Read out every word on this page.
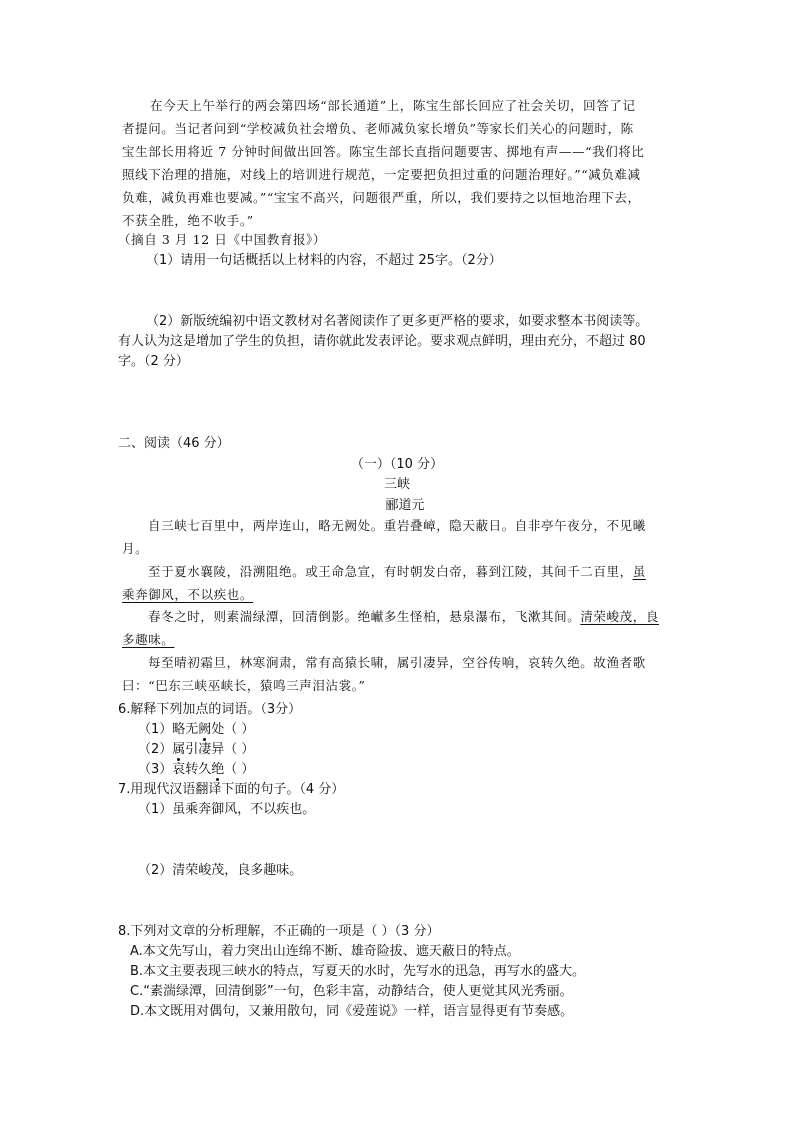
在今天上午举行的两会第四场“部长通道”上，陈宝生部长回应了社会关切，回答了记
者提问。当记者问到“学校减负社会增负、老师减负家长增负”等家长们关心的问题时，陈
宝生部长用将近 7 分钟时间做出回答。陈宝生部长直指问题要害、掷地有声——“我们将比
照线下治理的措施，对线上的培训进行规范，一定要把负担过重的问题治理好。”“减负难减
负难，减负再难也要减。”“宝宝不高兴，问题很严重，所以，我们要持之以恒地治理下去，
不获全胜，绝不收手。”
（摘自 3 月 12 日《中国教育报》）
（1）请用一句话概括以上材料的内容，不超过 25字。（2分）
（2）新版统编初中语文教材对名著阅读作了更多更严格的要求，如要求整本书阅读等。
有人认为这是增加了学生的负担，请你就此发表评论。要求观点鲜明，理由充分，不超过 80
字。（2 分）
二、阅读（46 分）
（一）（10 分）
三峡
郦道元
自三峡七百里中，两岸连山，略无阙处。重岩叠嶂，隐天蔽日。自非亭午夜分，不见曦
月。
至于夏水襄陵，沿溯阻绝。或王命急宣，有时朝发白帝，暮到江陵，其间千二百里，虽
乘奔御风，不以疾也。
春冬之时，则素湍绿潭，回清倒影。绝𪩘多生怪柏，悬泉瀑布，飞漱其间。清荣峻茂，良
多趣味。
每至晴初霜旦，林寒涧肃，常有高猿长啸，属引凄异，空谷传响，哀转久绝。故渔者歌
曰：“巴东三峡巫峡长，猿鸣三声泪沾裳。”
6.解释下列加点的词语。（3分）
（1）略无阙处（ ）
（2）属引凄异（ ）
（3）哀转久绝（ ）
7.用现代汉语翻译下面的句子。（4 分）
（1）虽乘奔御风，不以疾也。
（2）清荣峻茂，良多趣味。
8.下列对文章的分析理解，不正确的一项是（ ）（3 分）
A.本文先写山，着力突出山连绵不断、雄奇险拔、遮天蔽日的特点。
B.本文主要表现三峡水的特点，写夏天的水时，先写水的迅急，再写水的盛大。
C.“素湍绿潭，回清倒影”一句，色彩丰富，动静结合，使人更觉其风光秀丽。
D.本文既用对偶句，又兼用散句，同《爱莲说》一样，语言显得更有节奏感。
